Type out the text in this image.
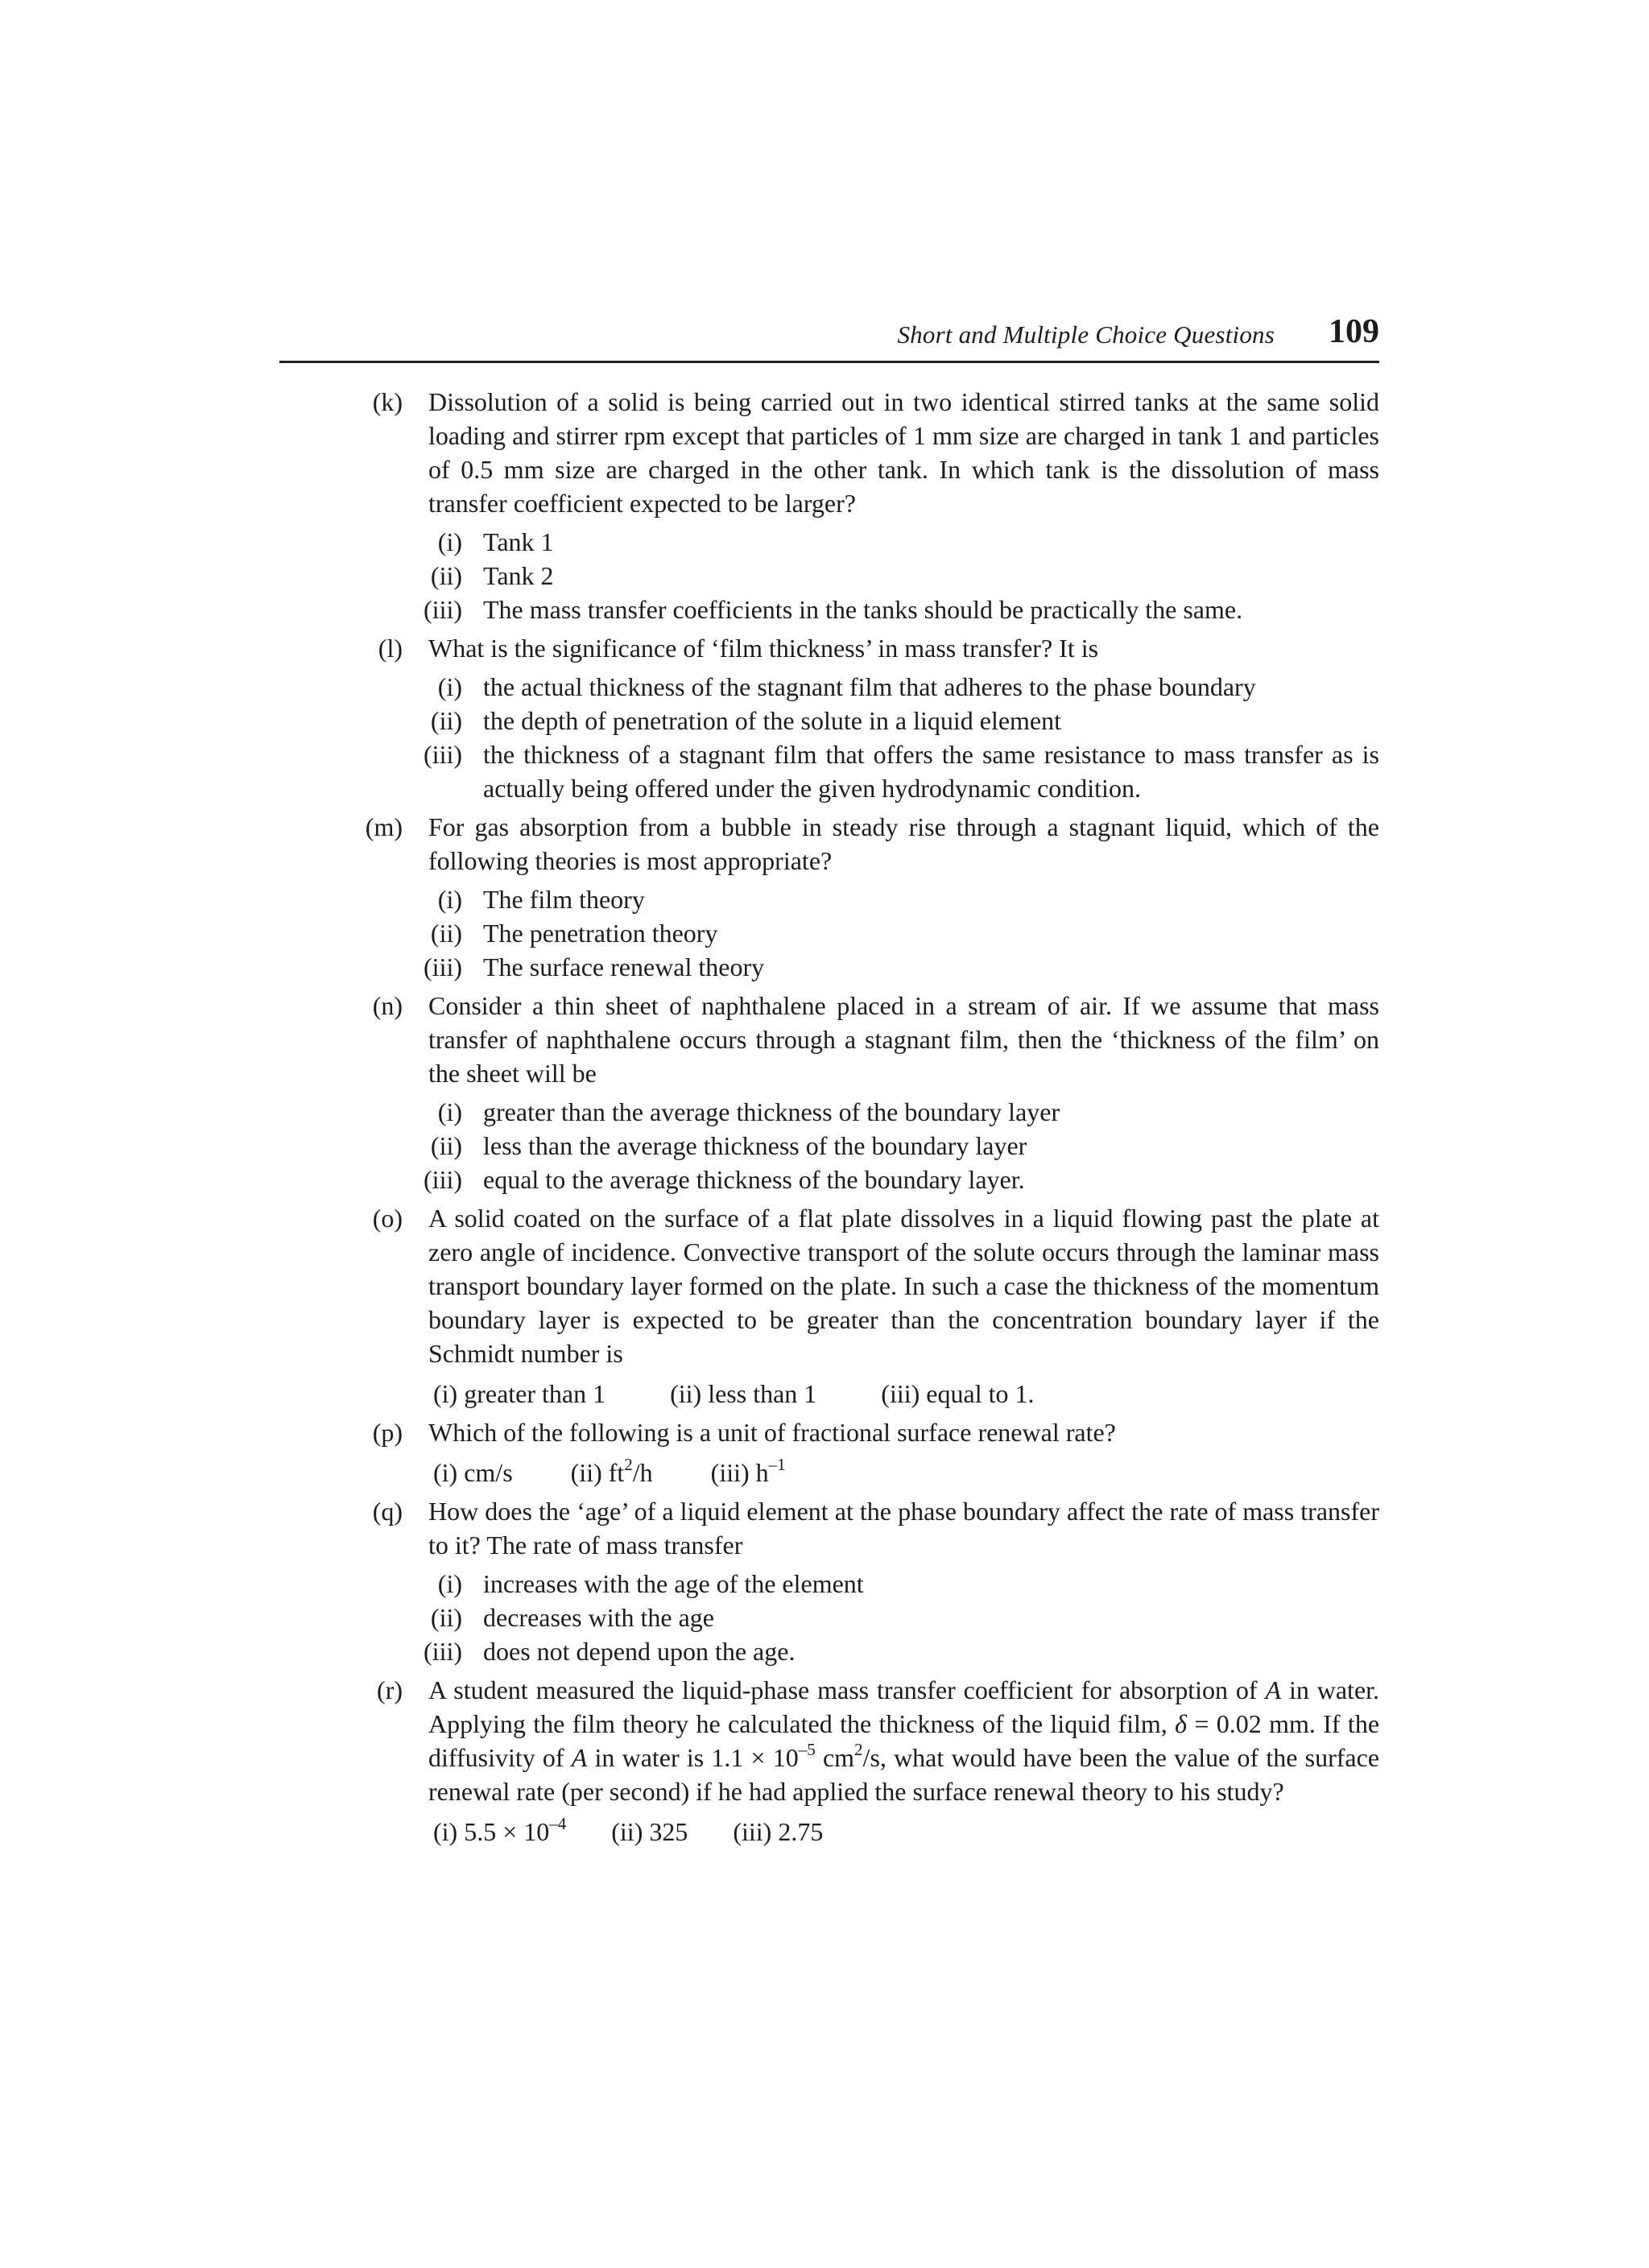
Short and Multiple Choice Questions 109
(k) Dissolution of a solid is being carried out in two identical stirred tanks at the same solid loading and stirrer rpm except that particles of 1 mm size are charged in tank 1 and particles of 0.5 mm size are charged in the other tank. In which tank is the dissolution of mass transfer coefficient expected to be larger?
(i) Tank 1
(ii) Tank 2
(iii) The mass transfer coefficients in the tanks should be practically the same.
(l) What is the significance of ‘film thickness’ in mass transfer? It is
(i) the actual thickness of the stagnant film that adheres to the phase boundary
(ii) the depth of penetration of the solute in a liquid element
(iii) the thickness of a stagnant film that offers the same resistance to mass transfer as is actually being offered under the given hydrodynamic condition.
(m) For gas absorption from a bubble in steady rise through a stagnant liquid, which of the following theories is most appropriate?
(i) The film theory
(ii) The penetration theory
(iii) The surface renewal theory
(n) Consider a thin sheet of naphthalene placed in a stream of air. If we assume that mass transfer of naphthalene occurs through a stagnant film, then the ‘thickness of the film’ on the sheet will be
(i) greater than the average thickness of the boundary layer
(ii) less than the average thickness of the boundary layer
(iii) equal to the average thickness of the boundary layer.
(o) A solid coated on the surface of a flat plate dissolves in a liquid flowing past the plate at zero angle of incidence. Convective transport of the solute occurs through the laminar mass transport boundary layer formed on the plate. In such a case the thickness of the momentum boundary layer is expected to be greater than the concentration boundary layer if the Schmidt number is
(i) greater than 1	(ii) less than 1	(iii) equal to 1.
(p) Which of the following is a unit of fractional surface renewal rate?
(i) cm/s (ii) $ft^2/h$ (iii) $h^{-1}$
(q) How does the ‘age’ of a liquid element at the phase boundary affect the rate of mass transfer to it? The rate of mass transfer
(i) increases with the age of the element
(ii) decreases with the age
(iii) does not depend upon the age.
(r) A student measured the liquid-phase mass transfer coefficient for absorption of A in water. Applying the film theory he calculated the thickness of the liquid film, δ = 0.02 mm. If the diffusivity of A in water is $1.1 \times 10^{-5}$ $cm^2/s$, what would have been the value of the surface renewal rate (per second) if he had applied the surface renewal theory to his study?
(i) $5.5 \times 10^{-4}$ (ii) 325 (iii) 2.75
